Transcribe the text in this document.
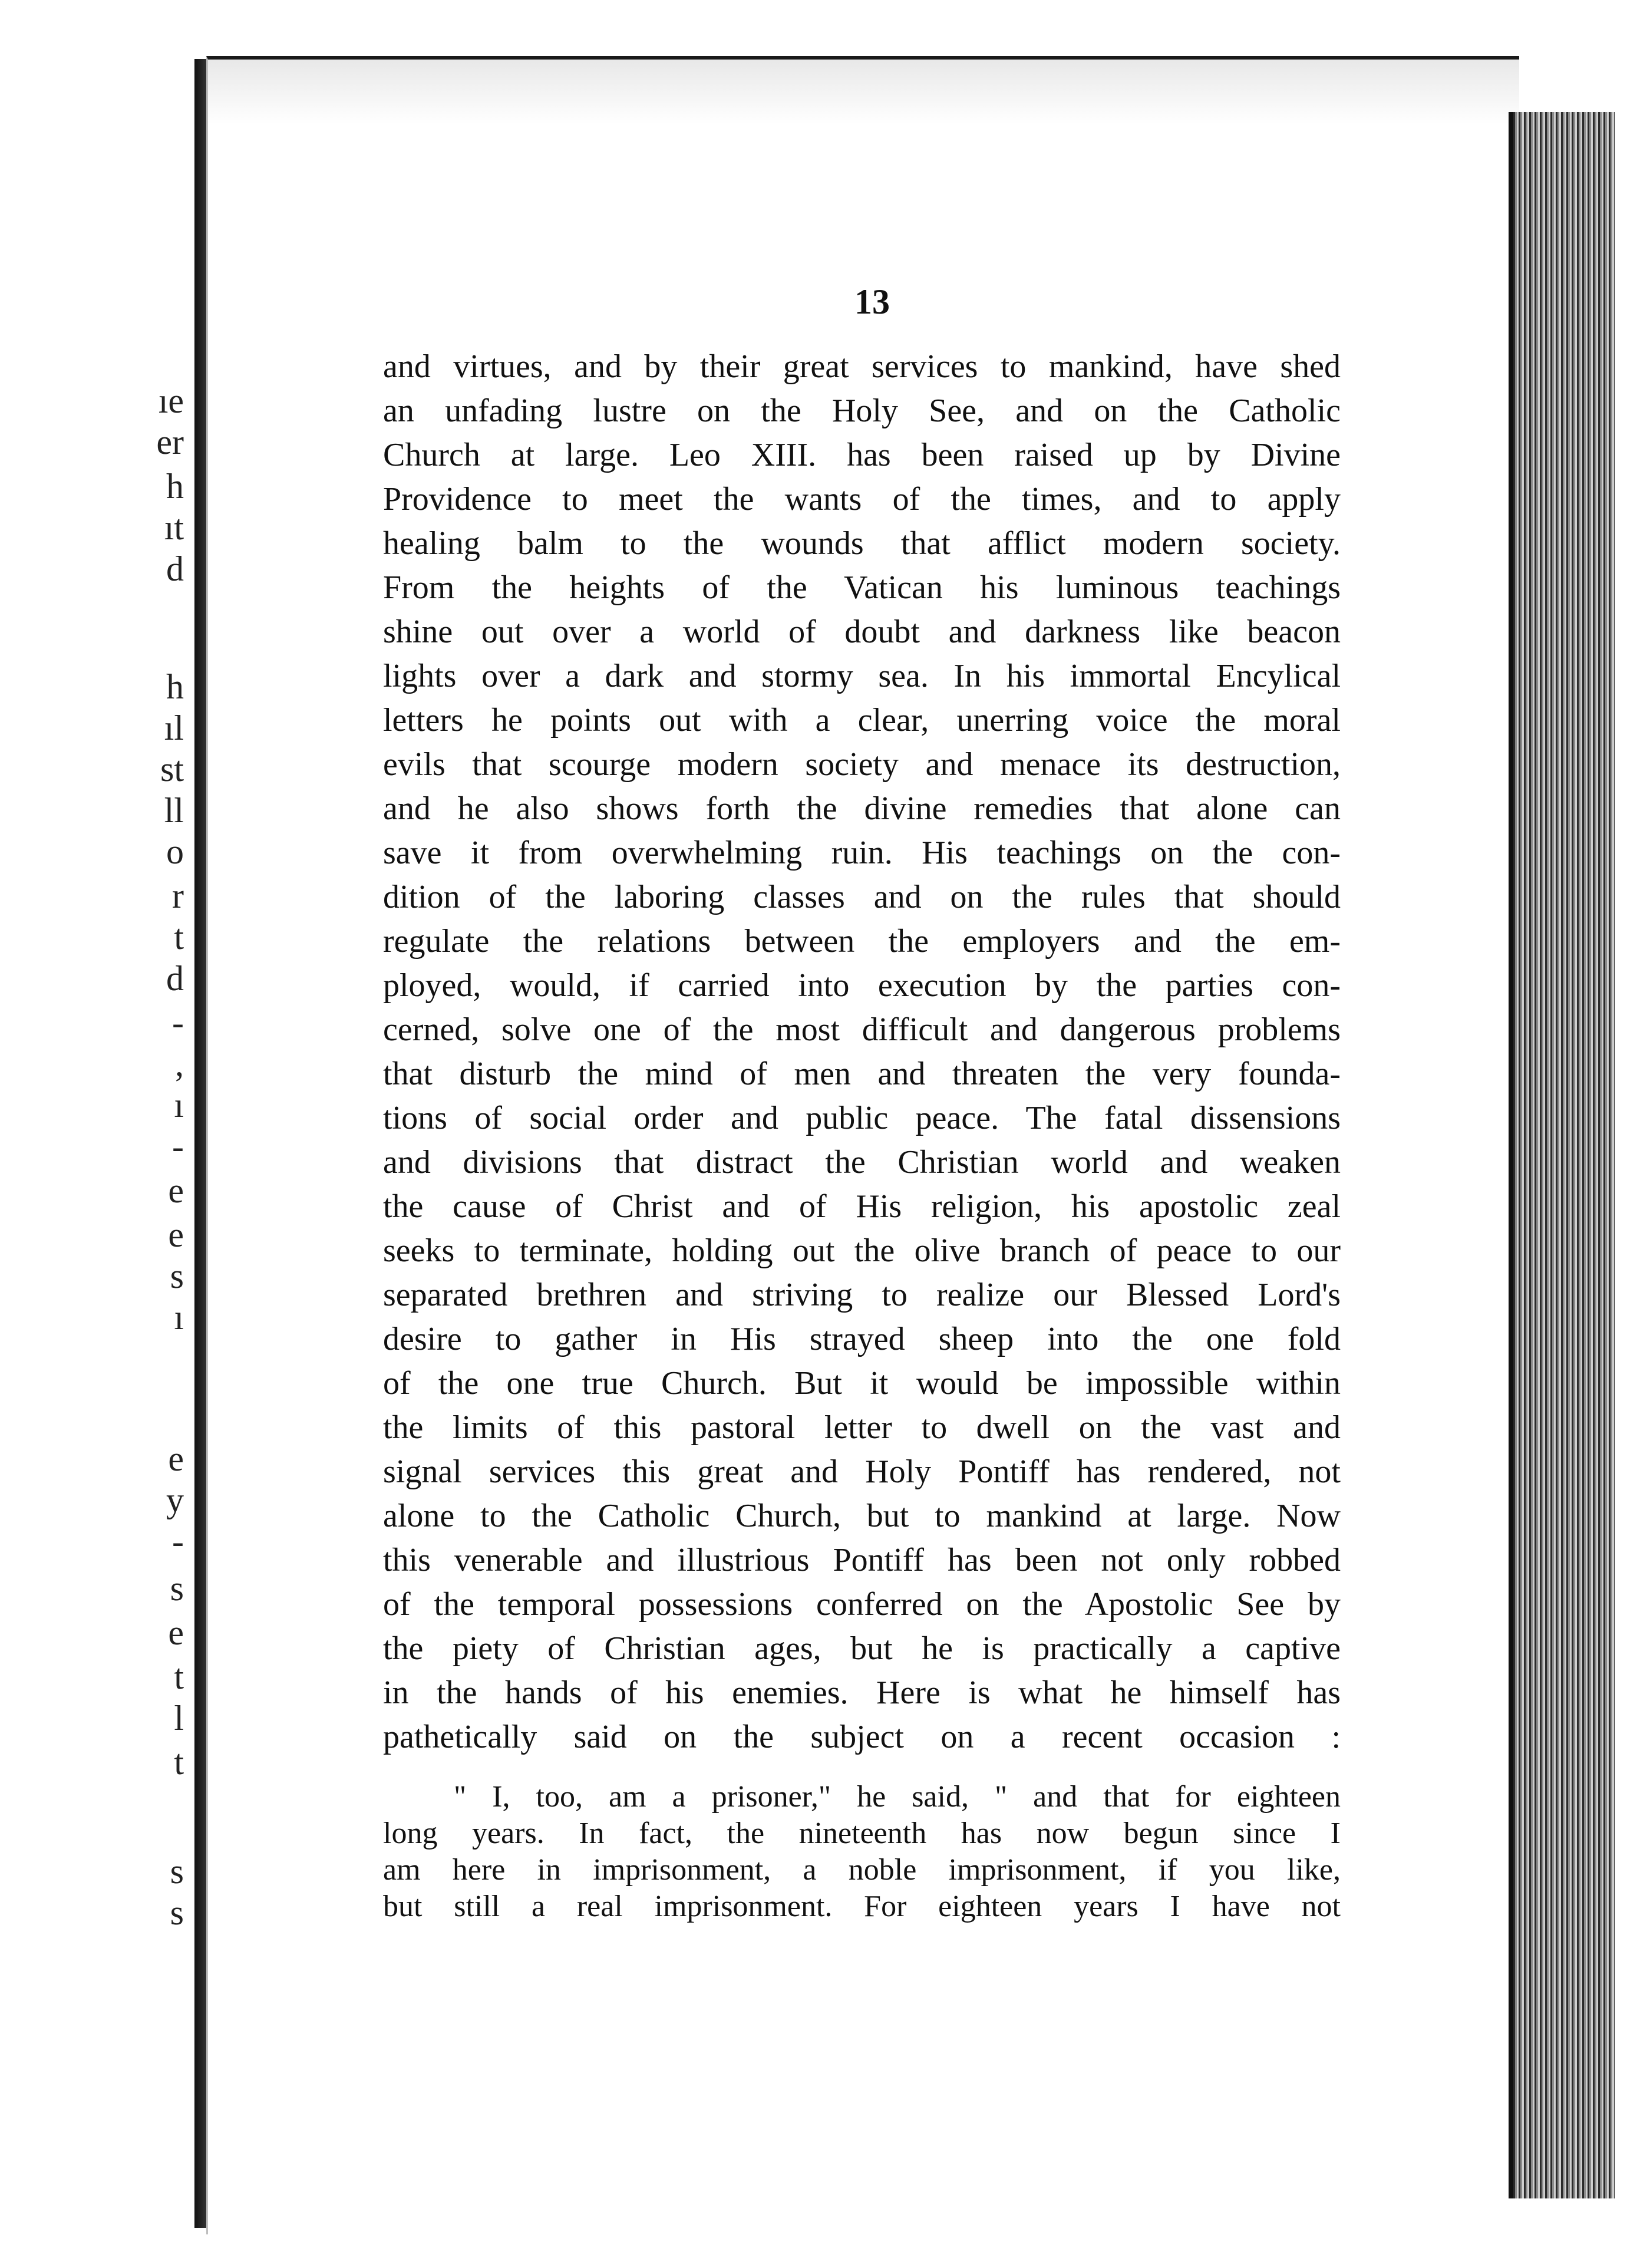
ıe
er
h
ıt
d
h
ıl
st
ll
o
r
t
d
-
,
ı
-
e
e
s
ı
e
y
-
s
e
t
l
t
s
s
13
and virtues, and by their great services to mankind, have shed
an unfading lustre on the Holy See, and on the Catholic
Church at large. Leo XIII. has been raised up by Divine
Providence to meet the wants of the times, and to apply
healing balm to the wounds that afflict modern society.
From the heights of the Vatican his luminous teachings
shine out over a world of doubt and darkness like beacon
lights over a dark and stormy sea. In his immortal Encylical
letters he points out with a clear, unerring voice the moral
evils that scourge modern society and menace its destruction,
and he also shows forth the divine remedies that alone can
save it from overwhelming ruin. His teachings on the con-
dition of the laboring classes and on the rules that should
regulate the relations between the employers and the em-
ployed, would, if carried into execution by the parties con-
cerned, solve one of the most difficult and dangerous problems
that disturb the mind of men and threaten the very founda-
tions of social order and public peace. The fatal dissensions
and divisions that distract the Christian world and weaken
the cause of Christ and of His religion, his apostolic zeal
seeks to terminate, holding out the olive branch of peace to our
separated brethren and striving to realize our Blessed Lord's
desire to gather in His strayed sheep into the one fold
of the one true Church. But it would be impossible within
the limits of this pastoral letter to dwell on the vast and
signal services this great and Holy Pontiff has rendered, not
alone to the Catholic Church, but to mankind at large. Now
this venerable and illustrious Pontiff has been not only robbed
of the temporal possessions conferred on the Apostolic See by
the piety of Christian ages, but he is practically a captive
in the hands of his enemies. Here is what he himself has
pathetically said on the subject on a recent occasion :
" I, too, am a prisoner," he said, " and that for eighteen
long years. In fact, the nineteenth has now begun since I
am here in imprisonment, a noble imprisonment, if you like,
but still a real imprisonment. For eighteen years I have not
